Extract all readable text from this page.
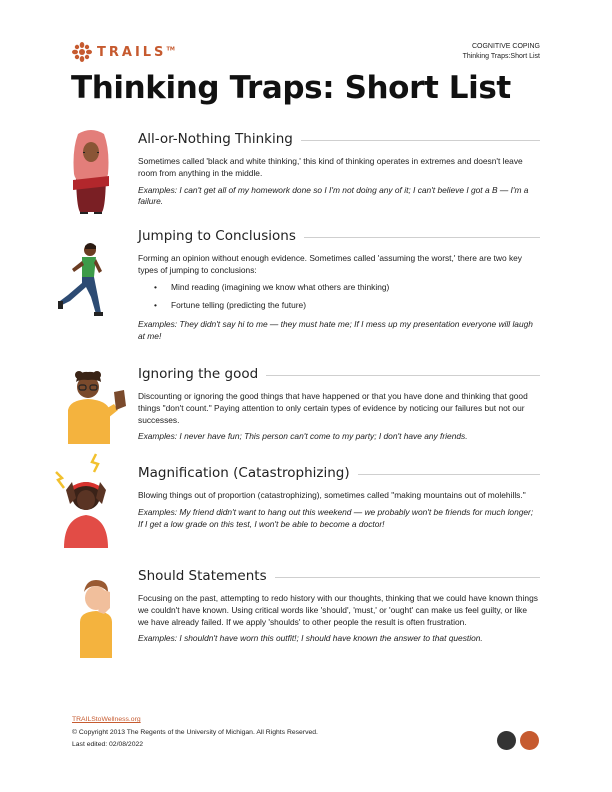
TRAILS™	COGNITIVE COPING
Thinking Traps:Short List
Thinking Traps: Short List
All-or-Nothing Thinking

Sometimes called 'black and white thinking,' this kind of thinking operates in extremes and doesn't leave room from anything in the middle.

Examples: I can't get all of my homework done so I I'm not doing any of it; I can't believe I got a B — I'm a failure.

Jumping to Conclusions

Forming an opinion without enough evidence. Sometimes called 'assuming the worst,' there are two key types of jumping to conclusions:

• Mind reading (imagining we know what others are thinking)
• Fortune telling (predicting the future)

Examples: They didn't say hi to me — they must hate me; If I mess up my presentation everyone will laugh at me!

Ignoring the good

Discounting or ignoring the good things that have happened or that you have done and thinking that good things "don't count." Paying attention to only certain types of evidence by noticing our failures but not our successes.

Examples: I never have fun; This person can't come to my party; I don't have any friends.

Magnification (Catastrophizing)

Blowing things out of proportion (catastrophizing), sometimes called "making mountains out of molehills."

Examples: My friend didn't want to hang out this weekend — we probably won't be friends for much longer; If I get a low grade on this test, I won't be able to become a doctor!

Should Statements

Focusing on the past, attempting to redo history with our thoughts, thinking that we could have known things we couldn't have known. Using critical words like 'should', 'must,' or 'ought' can make us feel guilty, or like we have already failed. If we apply 'shoulds' to other people the result is often frustration.

Examples: I shouldn't have worn this outfit!; I should have known the answer to that question.

TRAILStoWellness.org
© Copyright 2013 The Regents of the University of Michigan. All Rights Reserved.
Last edited: 02/08/2022
